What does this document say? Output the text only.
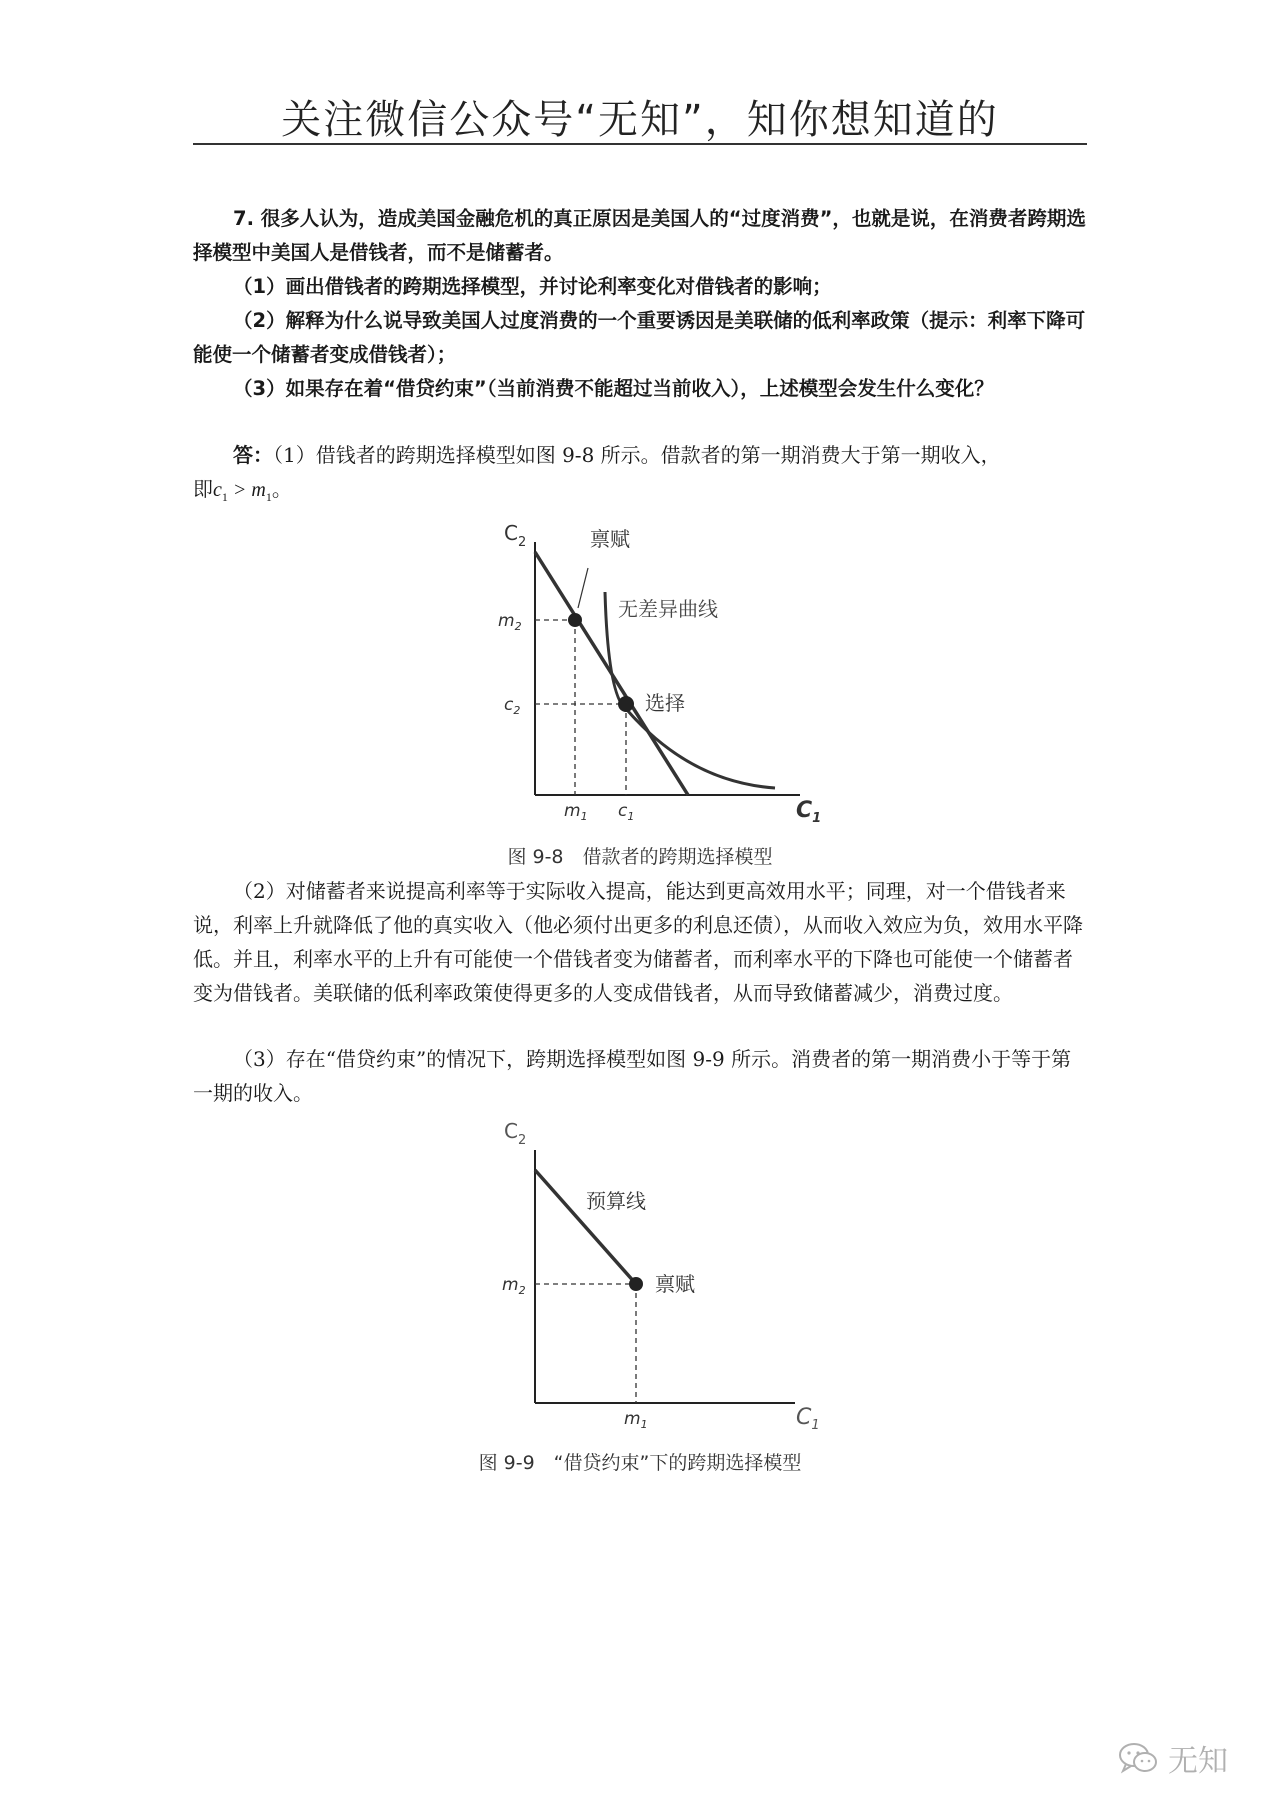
关注微信公众号“无知”，知你想知道的

7. 很多人认为，造成美国金融危机的真正原因是美国人的“过度消费”，也就是说，在消费者跨期选择模型中美国人是借钱者，而不是储蓄者。

（1）画出借钱者的跨期选择模型，并讨论利率变化对借钱者的影响；

（2）解释为什么说导致美国人过度消费的一个重要诱因是美联储的低利率政策（提示：利率下降可能使一个储蓄者变成借钱者）；

（3）如果存在着“借贷约束”（当前消费不能超过当前收入），上述模型会发生什么变化？

答：（1）借钱者的跨期选择模型如图 9-8 所示。借款者的第一期消费大于第一期收入，

即$c_1 > m_1$。

$C_2$
$C_1$
禀赋
无差异曲线
选择
$m_2$
$c_2$
$m_1$ $c_1$
图 9-8　借款者的跨期选择模型

（2）对储蓄者来说提高利率等于实际收入提高，能达到更高效用水平；同理，对一个借钱者来说，利率上升就降低了他的真实收入（他必须付出更多的利息还债），从而收入效应为负，效用水平降低。并且，利率水平的上升有可能使一个借钱者变为储蓄者，而利率水平的下降也可能使一个储蓄者变为借钱者。美联储的低利率政策使得更多的人变成借钱者，从而导致储蓄减少，消费过度。

（3）存在“借贷约束”的情况下，跨期选择模型如图 9-9 所示。消费者的第一期消费小于等于第一期的收入。

$C_2$
$C_1$
预算线
禀赋
$m_2$
$m_1$
图 9-9　“借贷约束”下的跨期选择模型
无知
